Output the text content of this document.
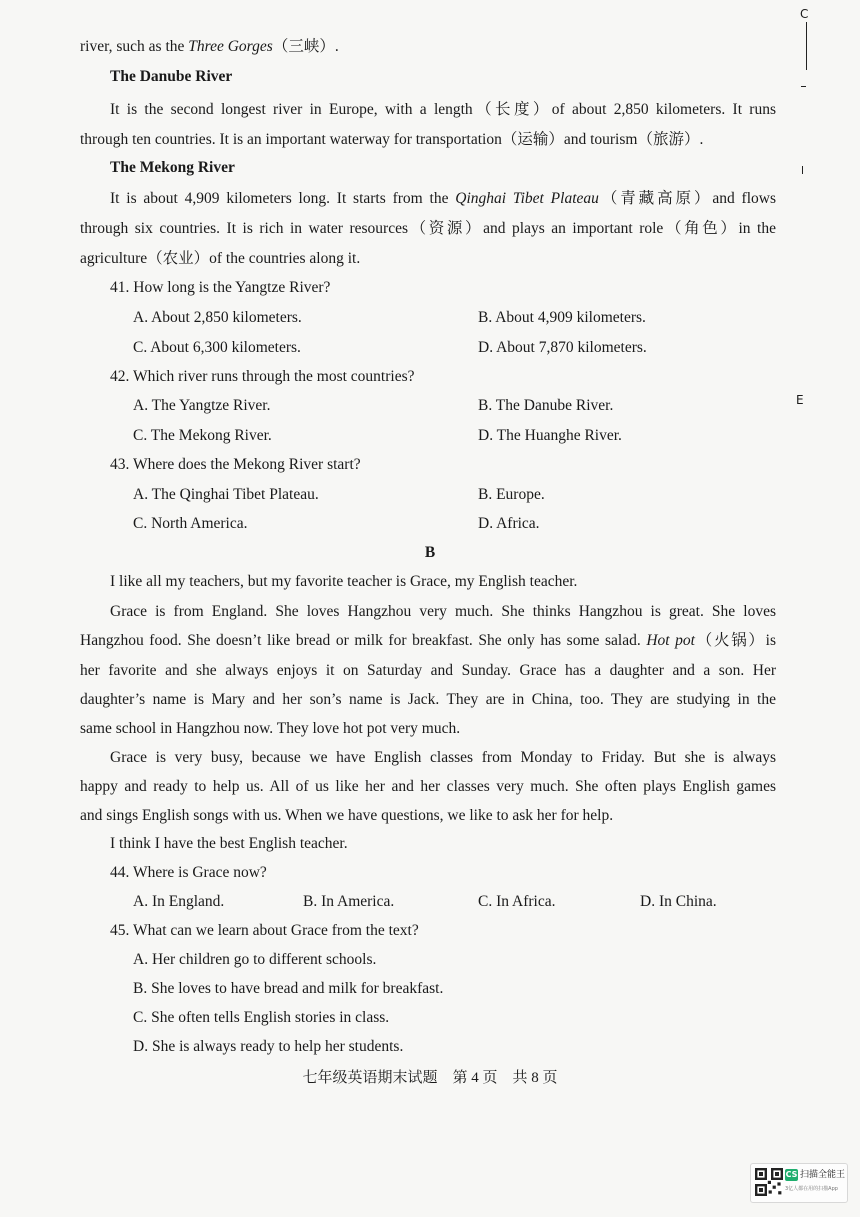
river, such as the Three Gorges（三峡）.
The Danube River
It is the second longest river in Europe, with a length（长度）of about 2,850 kilometers. It runs
through ten countries. It is an important waterway for transportation（运输）and tourism（旅游）.
The Mekong River
It is about 4,909 kilometers long. It starts from the Qinghai Tibet Plateau（青藏高原）and flows
through six countries. It is rich in water resources（资源）and plays an important role（角色）in the
agriculture（农业）of the countries along it.
41. How long is the Yangtze River?
A. About 2,850 kilometers.	B. About 4,909 kilometers.
C. About 6,300 kilometers.	D. About 7,870 kilometers.
42. Which river runs through the most countries?
A. The Yangtze River.	B. The Danube River.
C. The Mekong River.	D. The Huanghe River.
43. Where does the Mekong River start?
A. The Qinghai Tibet Plateau.	B. Europe.
C. North America.	D. Africa.
B
I like all my teachers, but my favorite teacher is Grace, my English teacher.
Grace is from England. She loves Hangzhou very much. She thinks Hangzhou is great. She loves
Hangzhou food. She doesn’t like bread or milk for breakfast. She only has some salad. Hot pot（火锅）is
her favorite and she always enjoys it on Saturday and Sunday. Grace has a daughter and a son. Her
daughter’s name is Mary and her son’s name is Jack. They are in China, too. They are studying in the
same school in Hangzhou now. They love hot pot very much.
Grace is very busy, because we have English classes from Monday to Friday. But she is always
happy and ready to help us. All of us like her and her classes very much. She often plays English games
and sings English songs with us. When we have questions, we like to ask her for help.
I think I have the best English teacher.
44. Where is Grace now?
A. In England.	B. In America.	C. In Africa.	D. In China.
45. What can we learn about Grace from the text?
A. Her children go to different schools.
B. She loves to have bread and milk for breakfast.
C. She often tells English stories in class.
D. She is always ready to help her students.
七年级英语期末试题　第 4 页　共 8 页
C
E
CS 扫描全能王
3亿人都在用的扫描App
